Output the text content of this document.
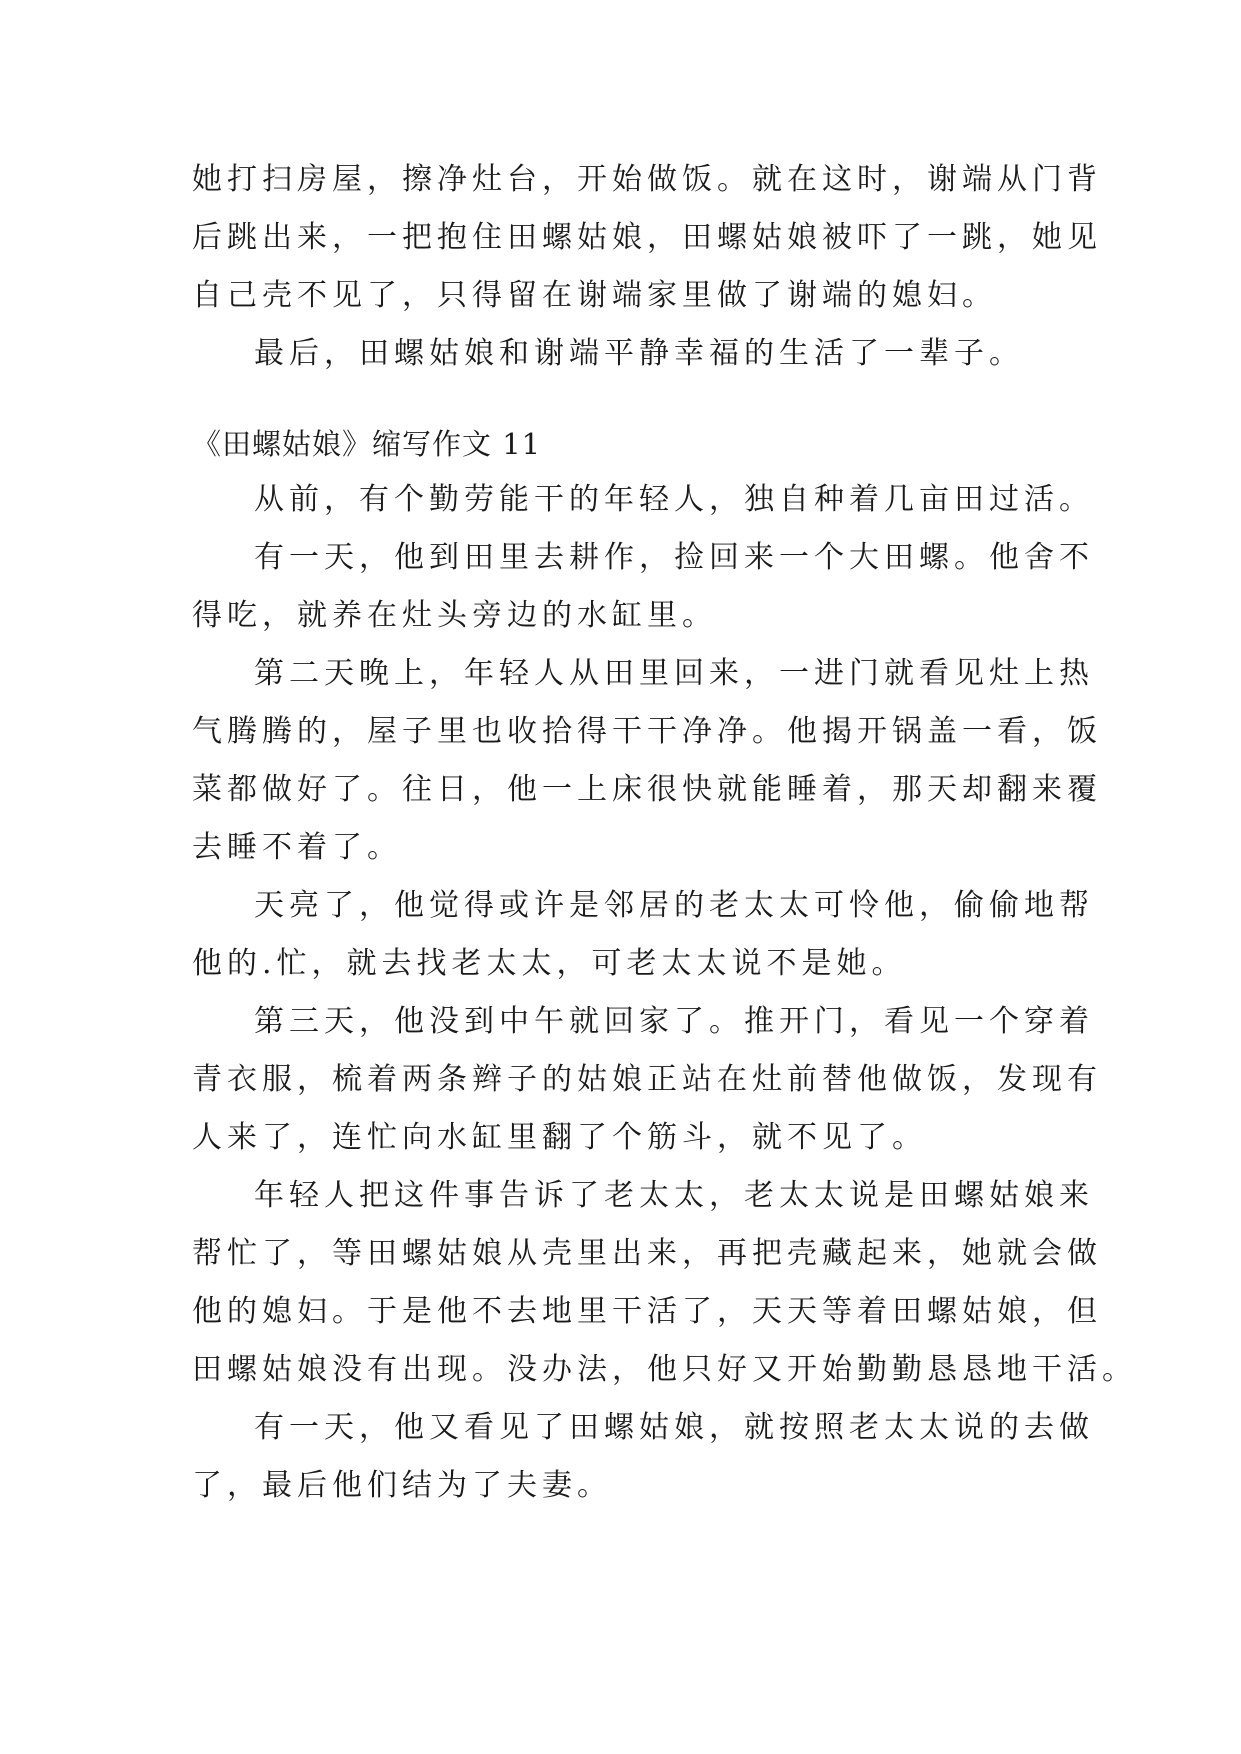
她打扫房屋，擦净灶台，开始做饭。就在这时，谢端从门背
后跳出来，一把抱住田螺姑娘，田螺姑娘被吓了一跳，她见
自己壳不见了，只得留在谢端家里做了谢端的媳妇。
最后，田螺姑娘和谢端平静幸福的生活了一辈子。
《田螺姑娘》缩写作文 11
从前，有个勤劳能干的年轻人，独自种着几亩田过活。
有一天，他到田里去耕作，捡回来一个大田螺。他舍不
得吃，就养在灶头旁边的水缸里。
第二天晚上，年轻人从田里回来，一进门就看见灶上热
气腾腾的，屋子里也收拾得干干净净。他揭开锅盖一看，饭
菜都做好了。往日，他一上床很快就能睡着，那天却翻来覆
去睡不着了。
天亮了，他觉得或许是邻居的老太太可怜他，偷偷地帮
他的.忙，就去找老太太，可老太太说不是她。
第三天，他没到中午就回家了。推开门，看见一个穿着
青衣服，梳着两条辫子的姑娘正站在灶前替他做饭，发现有
人来了，连忙向水缸里翻了个筋斗，就不见了。
年轻人把这件事告诉了老太太，老太太说是田螺姑娘来
帮忙了，等田螺姑娘从壳里出来，再把壳藏起来，她就会做
他的媳妇。于是他不去地里干活了，天天等着田螺姑娘，但
田螺姑娘没有出现。没办法，他只好又开始勤勤恳恳地干活。
有一天，他又看见了田螺姑娘，就按照老太太说的去做
了，最后他们结为了夫妻。
